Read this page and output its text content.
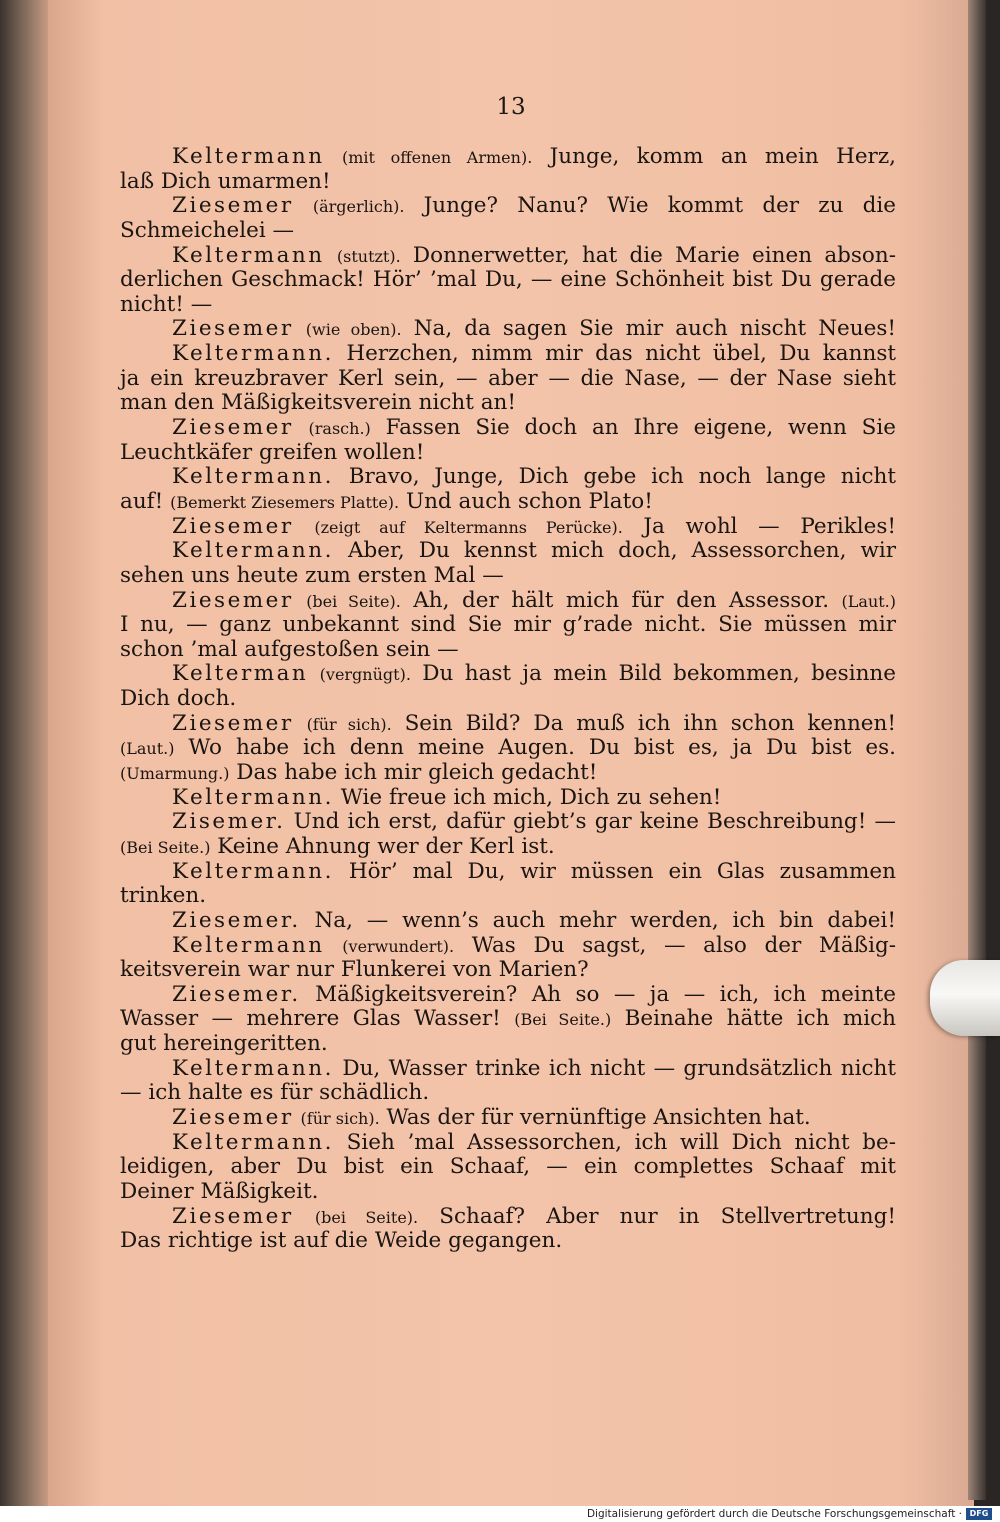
13
Keltermann (mit offenen Armen). Junge, komm an mein Herz,
laß Dich umarmen!
Ziesemer (ärgerlich). Junge? Nanu? Wie kommt der zu die
Schmeichelei —
Keltermann (stutzt). Donnerwetter, hat die Marie einen abson-
derlichen Geschmack! Hör’ ’mal Du, — eine Schönheit bist Du gerade
nicht! —
Ziesemer (wie oben). Na, da sagen Sie mir auch nischt Neues!
Keltermann. Herzchen, nimm mir das nicht übel, Du kannst
ja ein kreuzbraver Kerl sein, — aber — die Nase, — der Nase sieht
man den Mäßigkeitsverein nicht an!
Ziesemer (rasch.) Fassen Sie doch an Ihre eigene, wenn Sie
Leuchtkäfer greifen wollen!
Keltermann. Bravo, Junge, Dich gebe ich noch lange nicht
auf! (Bemerkt Ziesemers Platte). Und auch schon Plato!
Ziesemer (zeigt auf Keltermanns Perücke). Ja wohl — Perikles!
Keltermann. Aber, Du kennst mich doch, Assessorchen, wir
sehen uns heute zum ersten Mal —
Ziesemer (bei Seite). Ah, der hält mich für den Assessor. (Laut.)
I nu, — ganz unbekannt sind Sie mir g’rade nicht. Sie müssen mir
schon ’mal aufgestoßen sein —
Kelterman (vergnügt). Du hast ja mein Bild bekommen, besinne
Dich doch.
Ziesemer (für sich). Sein Bild? Da muß ich ihn schon kennen!
(Laut.) Wo habe ich denn meine Augen. Du bist es, ja Du bist es.
(Umarmung.) Das habe ich mir gleich gedacht!
Keltermann. Wie freue ich mich, Dich zu sehen!
Zisemer. Und ich erst, dafür giebt’s gar keine Beschreibung! —
(Bei Seite.) Keine Ahnung wer der Kerl ist.
Keltermann. Hör’ mal Du, wir müssen ein Glas zusammen
trinken.
Ziesemer. Na, — wenn’s auch mehr werden, ich bin dabei!
Keltermann (verwundert). Was Du sagst, — also der Mäßig-
keitsverein war nur Flunkerei von Marien?
Ziesemer. Mäßigkeitsverein? Ah so — ja — ich, ich meinte
Wasser — mehrere Glas Wasser! (Bei Seite.) Beinahe hätte ich mich
gut hereingeritten.
Keltermann. Du, Wasser trinke ich nicht — grundsätzlich nicht
— ich halte es für schädlich.
Ziesemer (für sich). Was der für vernünftige Ansichten hat.
Keltermann. Sieh ’mal Assessorchen, ich will Dich nicht be-
leidigen, aber Du bist ein Schaaf, — ein complettes Schaaf mit
Deiner Mäßigkeit.
Ziesemer (bei Seite). Schaaf? Aber nur in Stellvertretung!
Das richtige ist auf die Weide gegangen.
Digitalisierung gefördert durch die Deutsche Forschungsgemeinschaft · DFG
